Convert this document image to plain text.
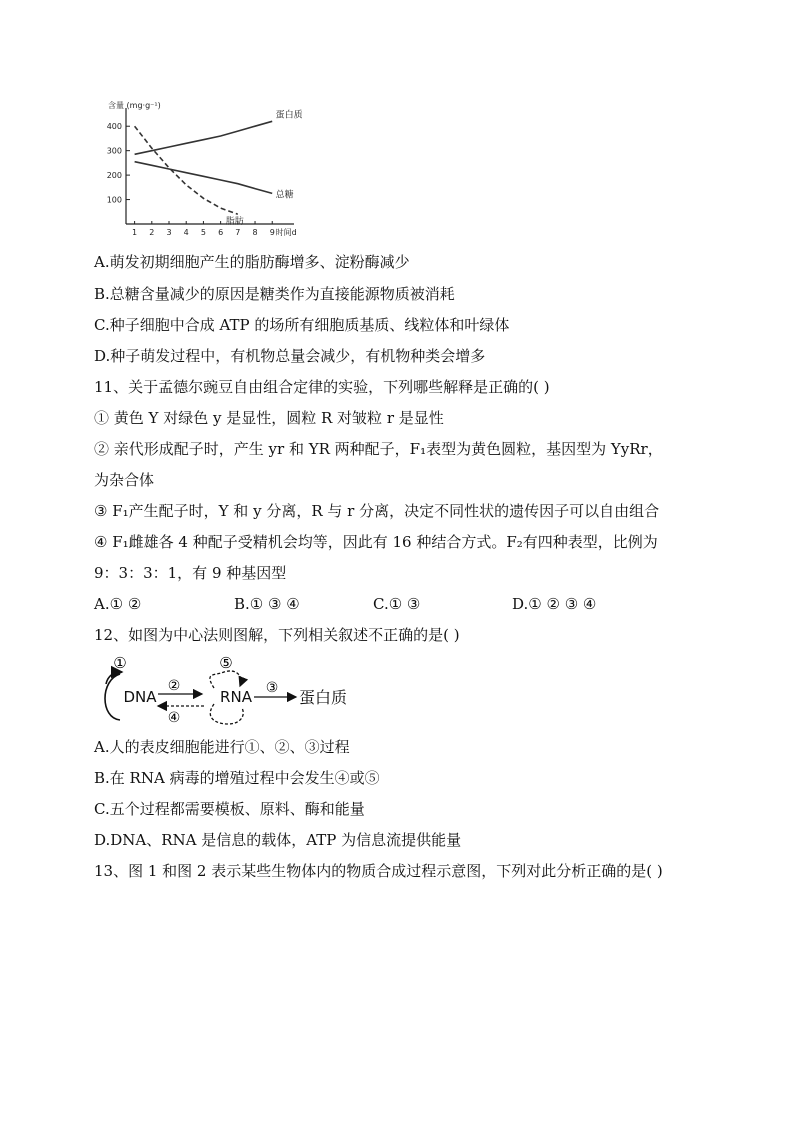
100
200
300
400
1 2 3 4 5 6 7 8 9
含量 (mg·g⁻¹)
时间d
蛋白质
总糖
脂肪
A.萌发初期细胞产生的脂肪酶增多、淀粉酶减少
B.总糖含量减少的原因是糖类作为直接能源物质被消耗
C.种子细胞中合成 ATP 的场所有细胞质基质、线粒体和叶绿体
D.种子萌发过程中，有机物总量会减少，有机物种类会增多
11、关于孟德尔豌豆自由组合定律的实验，下列哪些解释是正确的( )
① 黄色 Y 对绿色 y 是显性，圆粒 R 对皱粒 r 是显性
② 亲代形成配子时，产生 yr 和 YR 两种配子，F₁表型为黄色圆粒，基因型为 YyRr，
为杂合体
③ F₁产生配子时，Y 和 y 分离，R 与 r 分离，决定不同性状的遗传因子可以自由组合
④ F₁雌雄各 4 种配子受精机会均等，因此有 16 种结合方式。F₂有四种表型，比例为
9：3：3：1，有 9 种基因型
A.① ②	B.① ③ ④	C.① ③	D.① ② ③ ④
12、如图为中心法则图解，下列相关叙述不正确的是( )
①
DNA
②
④
⑤
RNA ③ 蛋白质
A.人的表皮细胞能进行①、②、③过程
B.在 RNA 病毒的增殖过程中会发生④或⑤
C.五个过程都需要模板、原料、酶和能量
D.DNA、RNA 是信息的载体，ATP 为信息流提供能量
13、图 1 和图 2 表示某些生物体内的物质合成过程示意图，下列对此分析正确的是( )
